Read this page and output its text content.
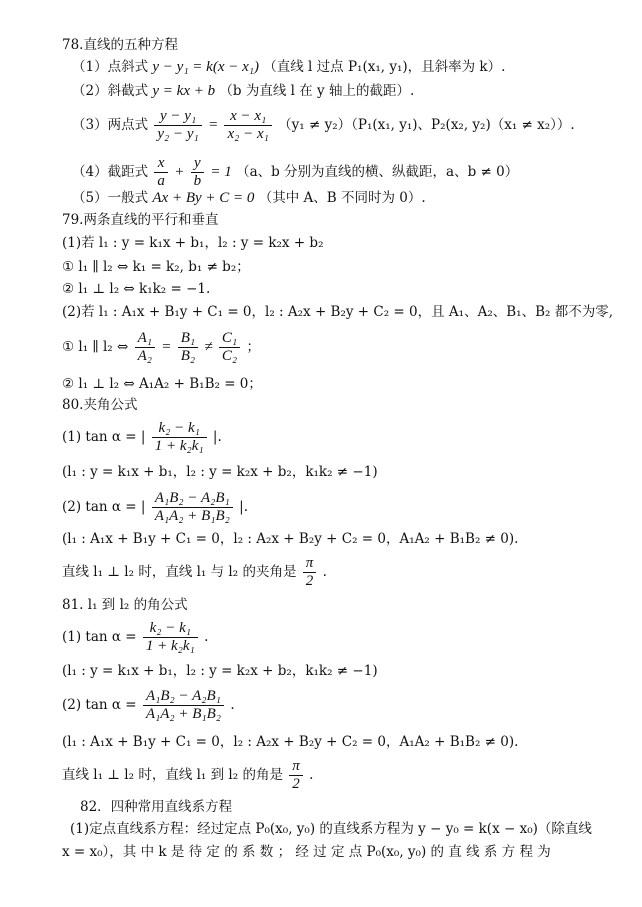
78.直线的五种方程
（1）点斜式 y − y₁ = k(x − x₁) （直线 l 过点 P₁(x₁, y₁)，且斜率为 k）.
（2）斜截式 y = kx + b （b 为直线 l 在 y 轴上的截距）.
（3）两点式 $\frac{\text{y − y₁}}{\text{y₂ − y₁}} = \frac{\text{x − x₁}}{\text{x₂ − x₁}} (y_1 \ne y_2)(P_1(x_1$, y₁)、P₂(x₂, y₂)（x₁ ≠ x₂））.
（4）截距式 $\frac{x}{a} + \frac{y}{b} = 1$ （a、b 分别为直线的横、纵截距，a、b ≠ 0）
（5）一般式 Ax + By + C = 0 （其中 A、B 不同时为 0）.
79.两条直线的平行和垂直
(1)若 l₁ : y = k₁x + b₁，l₂ : y = k₂x + b₂
① l₁ ∥ l₂ ⇔ k₁ = k₂, b₁ ≠ b₂；
② l₁ ⊥ l₂ ⇔ k₁k₂ = −1.
(2)若 l₁ : A₁x + B₁y + C₁ = 0，l₂ : A₂x + B₂y + C₂ = 0，且 A₁、A₂、B₁、B₂ 都不为零,
① l₁ ∥ l₂ ⇔ $\frac{\text{A₁}}{\text{A₂}} = \frac{\text{B₁}}{\text{B₂}} \ne \frac{\text{C₁}}{\text{C₂}}$ ；
② l₁ ⊥ l₂ ⇔ A₁A₂ + B₁B₂ = 0；
80.夹角公式
(1) tan α = | $\frac{\text{k₂ − k₁}}{\text{1 + k₂k₁}}$ |.
(l₁ : y = k₁x + b₁，l₂ : y = k₂x + b₂，k₁k₂ ≠ −1)
(2) tan α = | $\frac{\text{A₁B₂ − A₂B₁}}{\text{A₁A₂ + B₁B₂}}$ |.
(l₁ : A₁x + B₁y + C₁ = 0，l₂ : A₂x + B₂y + C₂ = 0，A₁A₂ + B₁B₂ ≠ 0).
直线 l₁ ⊥ l₂ 时，直线 l₁ 与 l₂ 的夹角是 $\frac{\pi}{2}$ .
81. l₁ 到 l₂ 的角公式
(1) $\tan \alpha = \frac{\text{k₂ − k₁}}{\text{1 + k₂k₁}}$ .
(l₁ : y = k₁x + b₁，l₂ : y = k₂x + b₂，k₁k₂ ≠ −1)
(2) $\tan \alpha = \frac{\text{A₁B₂ − A₂B₁}}{\text{A₁A₂ + B₁B₂}}$ .
(l₁ : A₁x + B₁y + C₁ = 0，l₂ : A₂x + B₂y + C₂ = 0，A₁A₂ + B₁B₂ ≠ 0).
直线 l₁ ⊥ l₂ 时，直线 l₁ 到 l₂ 的角是 $\frac{\pi}{2}$ .
82．四种常用直线系方程
(1)定点直线系方程：经过定点 P₀(x₀, y₀) 的直线系方程为 y − y₀ = k(x − x₀)（除直线
x = x₀），其 中 k 是 待 定 的 系 数 ； 经 过 定 点 P₀(x₀, y₀) 的 直 线 系 方 程 为
